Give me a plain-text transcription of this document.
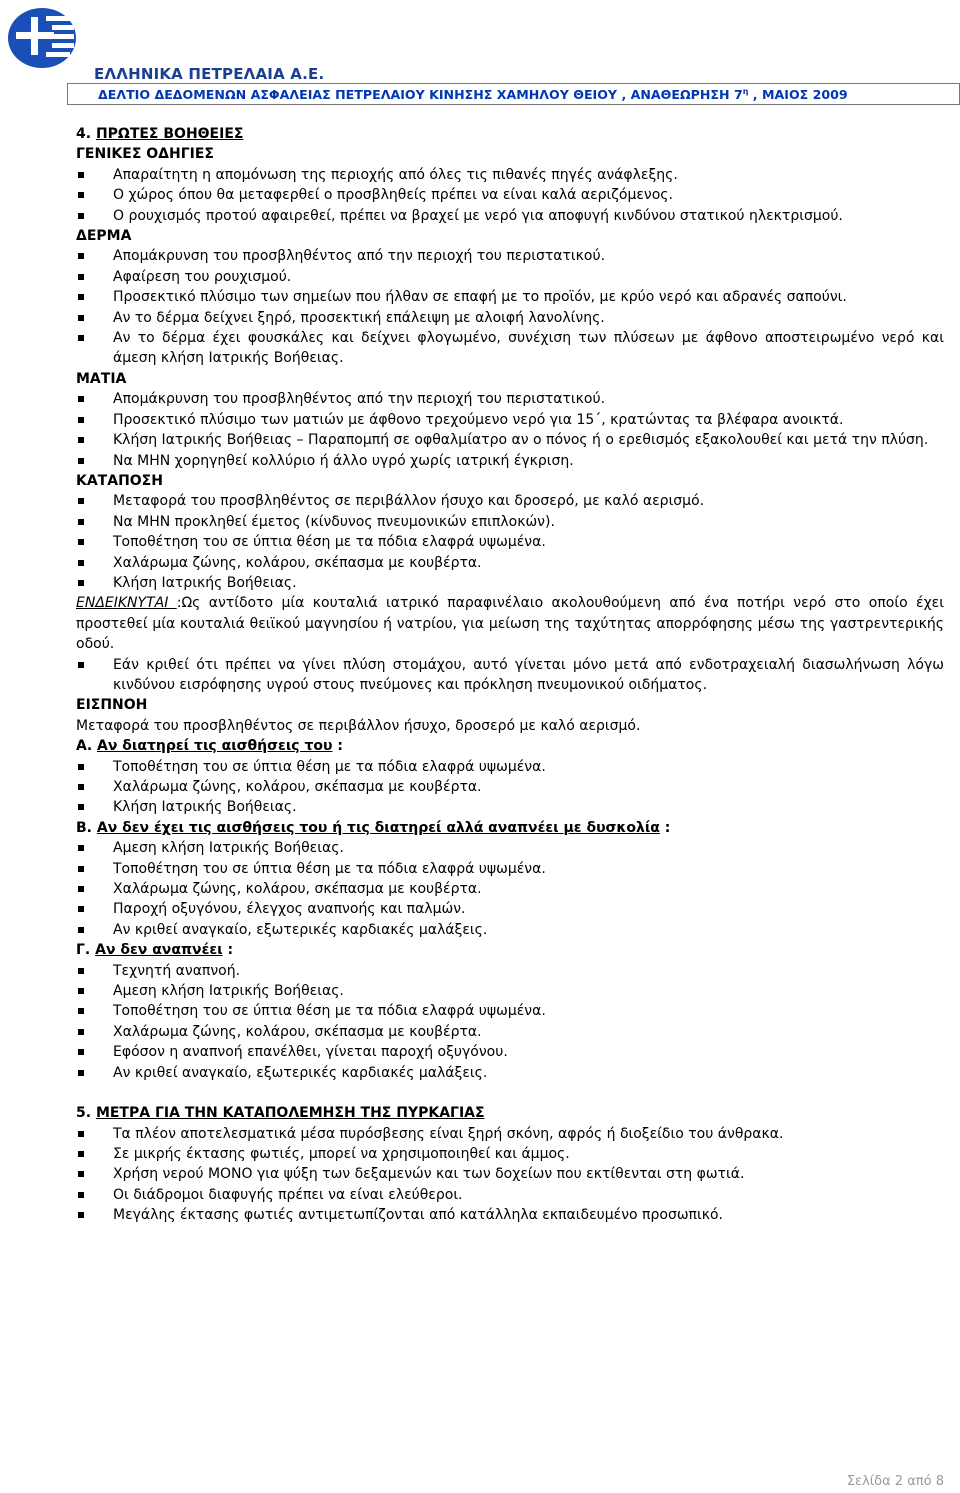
ΕΛΛΗΝΙΚΑ ΠΕΤΡΕΛΑΙΑ Α.Ε.
ΔΕΛΤΙΟ ΔΕΔΟΜΕΝΩΝ ΑΣΦΑΛΕΙΑΣ ΠΕΤΡΕΛΑΙΟΥ ΚΙΝΗΣΗΣ ΧΑΜΗΛΟΥ ΘΕΙΟΥ , ΑΝΑΘΕΩΡΗΣΗ $7^\eta$ , ΜΑΙΟΣ 2009
4. ΠΡΩΤΕΣ ΒΟΗΘΕΙΕΣ
ΓΕΝΙΚΕΣ ΟΔΗΓΙΕΣ
Απαραίτητη η απομόνωση της περιοχής από όλες τις πιθανές πηγές ανάφλεξης.
Ο χώρος όπου θα μεταφερθεί ο προσβληθείς πρέπει να είναι καλά αεριζόμενος.
Ο ρουχισμός προτού αφαιρεθεί, πρέπει να βραχεί με νερό για αποφυγή κινδύνου στατικού ηλεκτρισμού.
ΔΕΡΜΑ
Απομάκρυνση του προσβληθέντος από την περιοχή του περιστατικού.
Αφαίρεση του ρουχισμού.
Προσεκτικό πλύσιμο των σημείων που ήλθαν σε επαφή με το προϊόν, με κρύο νερό και αδρανές σαπούνι.
Αν το δέρμα δείχνει ξηρό, προσεκτική επάλειψη με αλοιφή λανολίνης.
Αν το δέρμα έχει φουσκάλες και δείχνει φλογωμένο, συνέχιση των πλύσεων με άφθονο αποστειρωμένο νερό και άμεση κλήση Ιατρικής Βοήθειας.
ΜΑΤΙΑ
Απομάκρυνση του προσβληθέντος από την περιοχή του περιστατικού.
Προσεκτικό πλύσιμο των ματιών με άφθονο τρεχούμενο νερό για 15΄, κρατώντας τα βλέφαρα ανοικτά.
Κλήση Ιατρικής Βοήθειας – Παραπομπή σε οφθαλμίατρο αν ο πόνος ή ο ερεθισμός εξακολουθεί και μετά την πλύση.
Να ΜΗΝ χορηγηθεί κολλύριο ή άλλο υγρό χωρίς ιατρική έγκριση.
ΚΑΤΑΠΟΣΗ
Μεταφορά του προσβληθέντος σε περιβάλλον ήσυχο και δροσερό, με καλό αερισμό.
Να ΜΗΝ προκληθεί έμετος (κίνδυνος πνευμονικών επιπλοκών).
Τοποθέτηση του σε ύπτια θέση με τα πόδια ελαφρά υψωμένα.
Χαλάρωμα ζώνης, κολάρου, σκέπασμα με κουβέρτα.
Κλήση Ιατρικής Βοήθειας.
ΕΝΔΕΙΚΝΥΤΑΙ :Ως αντίδοτο μία κουταλιά ιατρικό παραφινέλαιο ακολουθούμενη από ένα ποτήρι νερό στο οποίο έχει προστεθεί μία κουταλιά θειϊκού μαγνησίου ή νατρίου, για μείωση της ταχύτητας απορρόφησης μέσω της γαστρεντερικής οδού.
Εάν κριθεί ότι πρέπει να γίνει πλύση στομάχου, αυτό γίνεται μόνο μετά από ενδοτραχειαλή διασωλήνωση λόγω κινδύνου εισρόφησης υγρού στους πνεύμονες και πρόκληση πνευμονικού οιδήματος.
ΕΙΣΠΝΟΗ
Μεταφορά του προσβληθέντος σε περιβάλλον ήσυχο, δροσερό με καλό αερισμό.
Α. Αν διατηρεί τις αισθήσεις του :
Τοποθέτηση του σε ύπτια θέση με τα πόδια ελαφρά υψωμένα.
Χαλάρωμα ζώνης, κολάρου, σκέπασμα με κουβέρτα.
Κλήση Ιατρικής Βοήθειας.
Β. Αν δεν έχει τις αισθήσεις του ή τις διατηρεί αλλά αναπνέει με δυσκολία :
Αμεση κλήση Ιατρικής Βοήθειας.
Τοποθέτηση του σε ύπτια θέση με τα πόδια ελαφρά υψωμένα.
Χαλάρωμα ζώνης, κολάρου, σκέπασμα με κουβέρτα.
Παροχή οξυγόνου, έλεγχος αναπνοής και παλμών.
Αν κριθεί αναγκαίο, εξωτερικές καρδιακές μαλάξεις.
Γ. Αν δεν αναπνέει :
Τεχνητή αναπνοή.
Αμεση κλήση Ιατρικής Βοήθειας.
Τοποθέτηση του σε ύπτια θέση με τα πόδια ελαφρά υψωμένα.
Χαλάρωμα ζώνης, κολάρου, σκέπασμα με κουβέρτα.
Εφόσον η αναπνοή επανέλθει, γίνεται παροχή οξυγόνου.
Αν κριθεί αναγκαίο, εξωτερικές καρδιακές μαλάξεις.
5. ΜΕΤΡΑ ΓΙΑ ΤΗΝ ΚΑΤΑΠΟΛΕΜΗΣΗ ΤΗΣ ΠΥΡΚΑΓΙΑΣ
Τα πλέον αποτελεσματικά μέσα πυρόσβεσης είναι ξηρή σκόνη, αφρός ή διοξείδιο του άνθρακα.
Σε μικρής έκτασης φωτιές, μπορεί να χρησιμοποιηθεί και άμμος.
Χρήση νερού ΜΟΝΟ για ψύξη των δεξαμενών και των δοχείων που εκτίθενται στη φωτιά.
Οι διάδρομοι διαφυγής πρέπει να είναι ελεύθεροι.
Μεγάλης έκτασης φωτιές αντιμετωπίζονται από κατάλληλα εκπαιδευμένο προσωπικό.
Σελίδα 2 από 8
